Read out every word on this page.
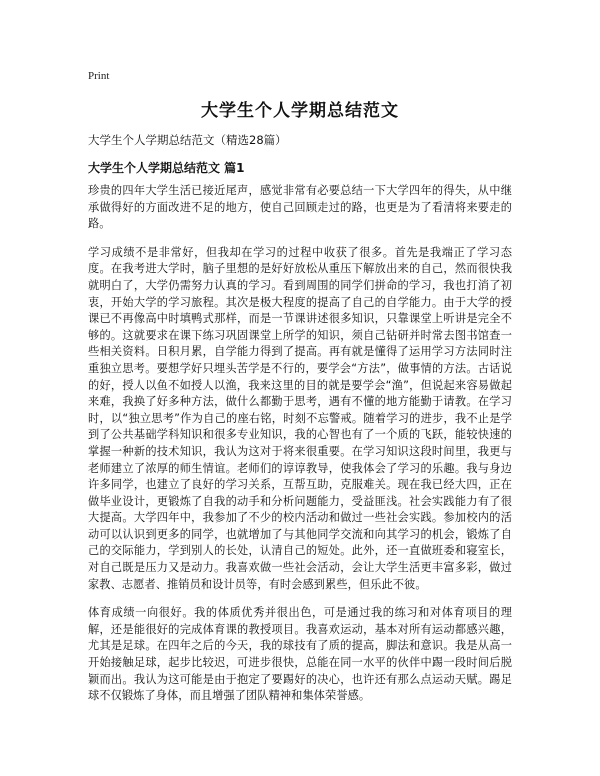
Print
大学生个人学期总结范文
大学生个人学期总结范文（精选28篇）
大学生个人学期总结范文 篇1

珍贵的四年大学生活已接近尾声，感觉非常有必要总结一下大学四年的得失，从中继承做得好的方面改进不足的地方，使自己回顾走过的路，也更是为了看清将来要走的路。

学习成绩不是非常好，但我却在学习的过程中收获了很多。首先是我端正了学习态度。在我考进大学时，脑子里想的是好好放松从重压下解放出来的自己，然而很快我就明白了，大学仍需努力认真的学习。看到周围的同学们拼命的学习，我也打消了初衷，开始大学的学习旅程。其次是极大程度的提高了自己的自学能力。由于大学的授课已不再像高中时填鸭式那样，而是一节课讲述很多知识，只靠课堂上听讲是完全不够的。这就要求在课下练习巩固课堂上所学的知识，须自己钻研并时常去图书馆查一些相关资料。日积月累，自学能力得到了提高。再有就是懂得了运用学习方法同时注重独立思考。要想学好只埋头苦学是不行的，要学会“方法”，做事情的方法。古话说的好，授人以鱼不如授人以渔，我来这里的目的就是要学会“渔”，但说起来容易做起来难，我换了好多种方法，做什么都勤于思考，遇有不懂的地方能勤于请教。在学习时，以“独立思考”作为自己的座右铭，时刻不忘警戒。随着学习的进步，我不止是学到了公共基础学科知识和很多专业知识，我的心智也有了一个质的飞跃，能较快速的掌握一种新的技术知识，我认为这对于将来很重要。在学习知识这段时间里，我更与老师建立了浓厚的师生情谊。老师们的谆谆教导，使我体会了学习的乐趣。我与身边许多同学，也建立了良好的学习关系，互帮互助，克服难关。现在我已经大四，正在做毕业设计，更锻炼了自我的动手和分析问题能力，受益匪浅。社会实践能力有了很大提高。大学四年中，我参加了不少的校内活动和做过一些社会实践。参加校内的活动可以认识到更多的同学，也就增加了与其他同学交流和向其学习的机会，锻炼了自己的交际能力，学到别人的长处，认清自己的短处。此外，还一直做班委和寝室长，对自己既是压力又是动力。我喜欢做一些社会活动，会让大学生活更丰富多彩，做过家教、志愿者、推销员和设计员等，有时会感到累些，但乐此不彼。

体育成绩一向很好。我的体质优秀并很出色，可是通过我的练习和对体育项目的理解，还是能很好的完成体育课的教授项目。我喜欢运动，基本对所有运动都感兴趣，尤其是足球。在四年之后的今天，我的球技有了质的提高，脚法和意识。我是从高一开始接触足球，起步比较迟，可进步很快，总能在同一水平的伙伴中踢一段时间后脱颖而出。我认为这可能是由于抱定了要踢好的决心，也许还有那么点运动天赋。踢足球不仅锻炼了身体，而且增强了团队精神和集体荣誉感。
